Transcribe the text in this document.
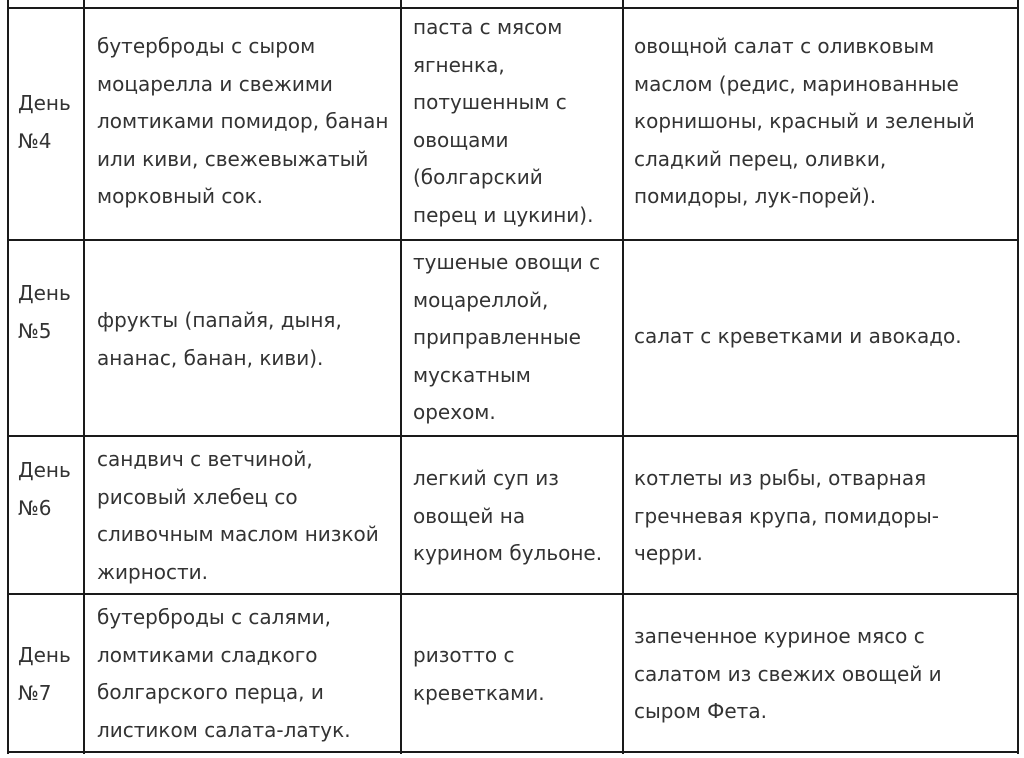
День
№4
бутерброды с сыром
моцарелла и свежими
ломтиками помидор, банан
или киви, свежевыжатый
морковный сок.
паста с мясом
ягненка,
потушенным с
овощами
(болгарский
перец и цукини).
овощной салат с оливковым
маслом (редис, маринованные
корнишоны, красный и зеленый
сладкий перец, оливки,
помидоры, лук-порей).
День
№5	фрукты (папайя, дыня,
ананас, банан, киви).
тушеные овощи с
моцареллой,
приправленные
мускатным
орехом.
салат с креветками и авокадо.
День
№6
сандвич с ветчиной,
рисовый хлебец со
сливочным маслом низкой
жирности.
легкий суп из
овощей на
курином бульоне.
котлеты из рыбы, отварная
гречневая крупа, помидоры-
черри.
День
№7
бутерброды с салями,
ломтиками сладкого
болгарского перца, и
листиком салата-латук.
ризотто с
креветками.
запеченное куриное мясо с
салатом из свежих овощей и
сыром Фета.
